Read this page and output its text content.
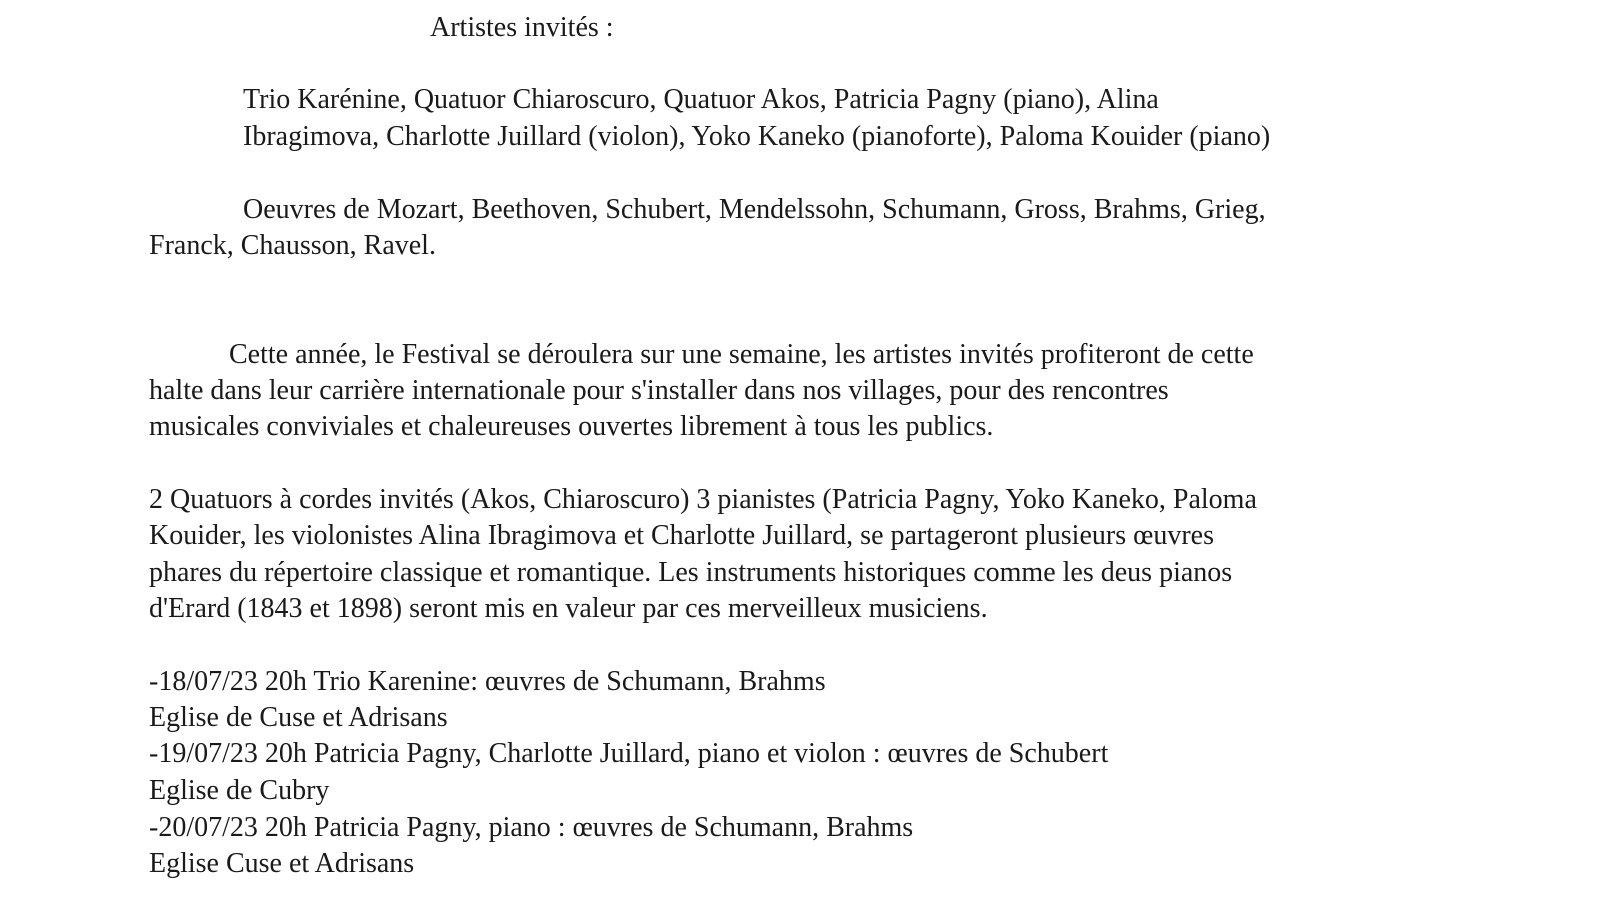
Artistes invités :
Trio Karénine, Quatuor Chiaroscuro, Quatuor Akos, Patricia Pagny (piano), Alina
Ibragimova, Charlotte Juillard (violon), Yoko Kaneko (pianoforte), Paloma Kouider (piano)
Oeuvres de Mozart, Beethoven, Schubert, Mendelssohn, Schumann, Gross, Brahms, Grieg,
Franck, Chausson, Ravel.
Cette année, le Festival se déroulera sur une semaine, les artistes invités profiteront de cette
halte dans leur carrière internationale pour s'installer dans nos villages, pour des rencontres
musicales conviviales et chaleureuses ouvertes librement à tous les publics.
2 Quatuors à cordes invités (Akos, Chiaroscuro) 3 pianistes (Patricia Pagny, Yoko Kaneko, Paloma
Kouider, les violonistes Alina Ibragimova et Charlotte Juillard, se partageront plusieurs œuvres
phares du répertoire classique et romantique. Les instruments historiques comme les deus pianos
d'Erard (1843 et 1898) seront mis en valeur par ces merveilleux musiciens.
-18/07/23 20h Trio Karenine: œuvres de Schumann, Brahms
Eglise de Cuse et Adrisans
-19/07/23 20h Patricia Pagny, Charlotte Juillard, piano et violon : œuvres de Schubert
Eglise de Cubry
-20/07/23 20h Patricia Pagny, piano : œuvres de Schumann, Brahms
Eglise Cuse et Adrisans
